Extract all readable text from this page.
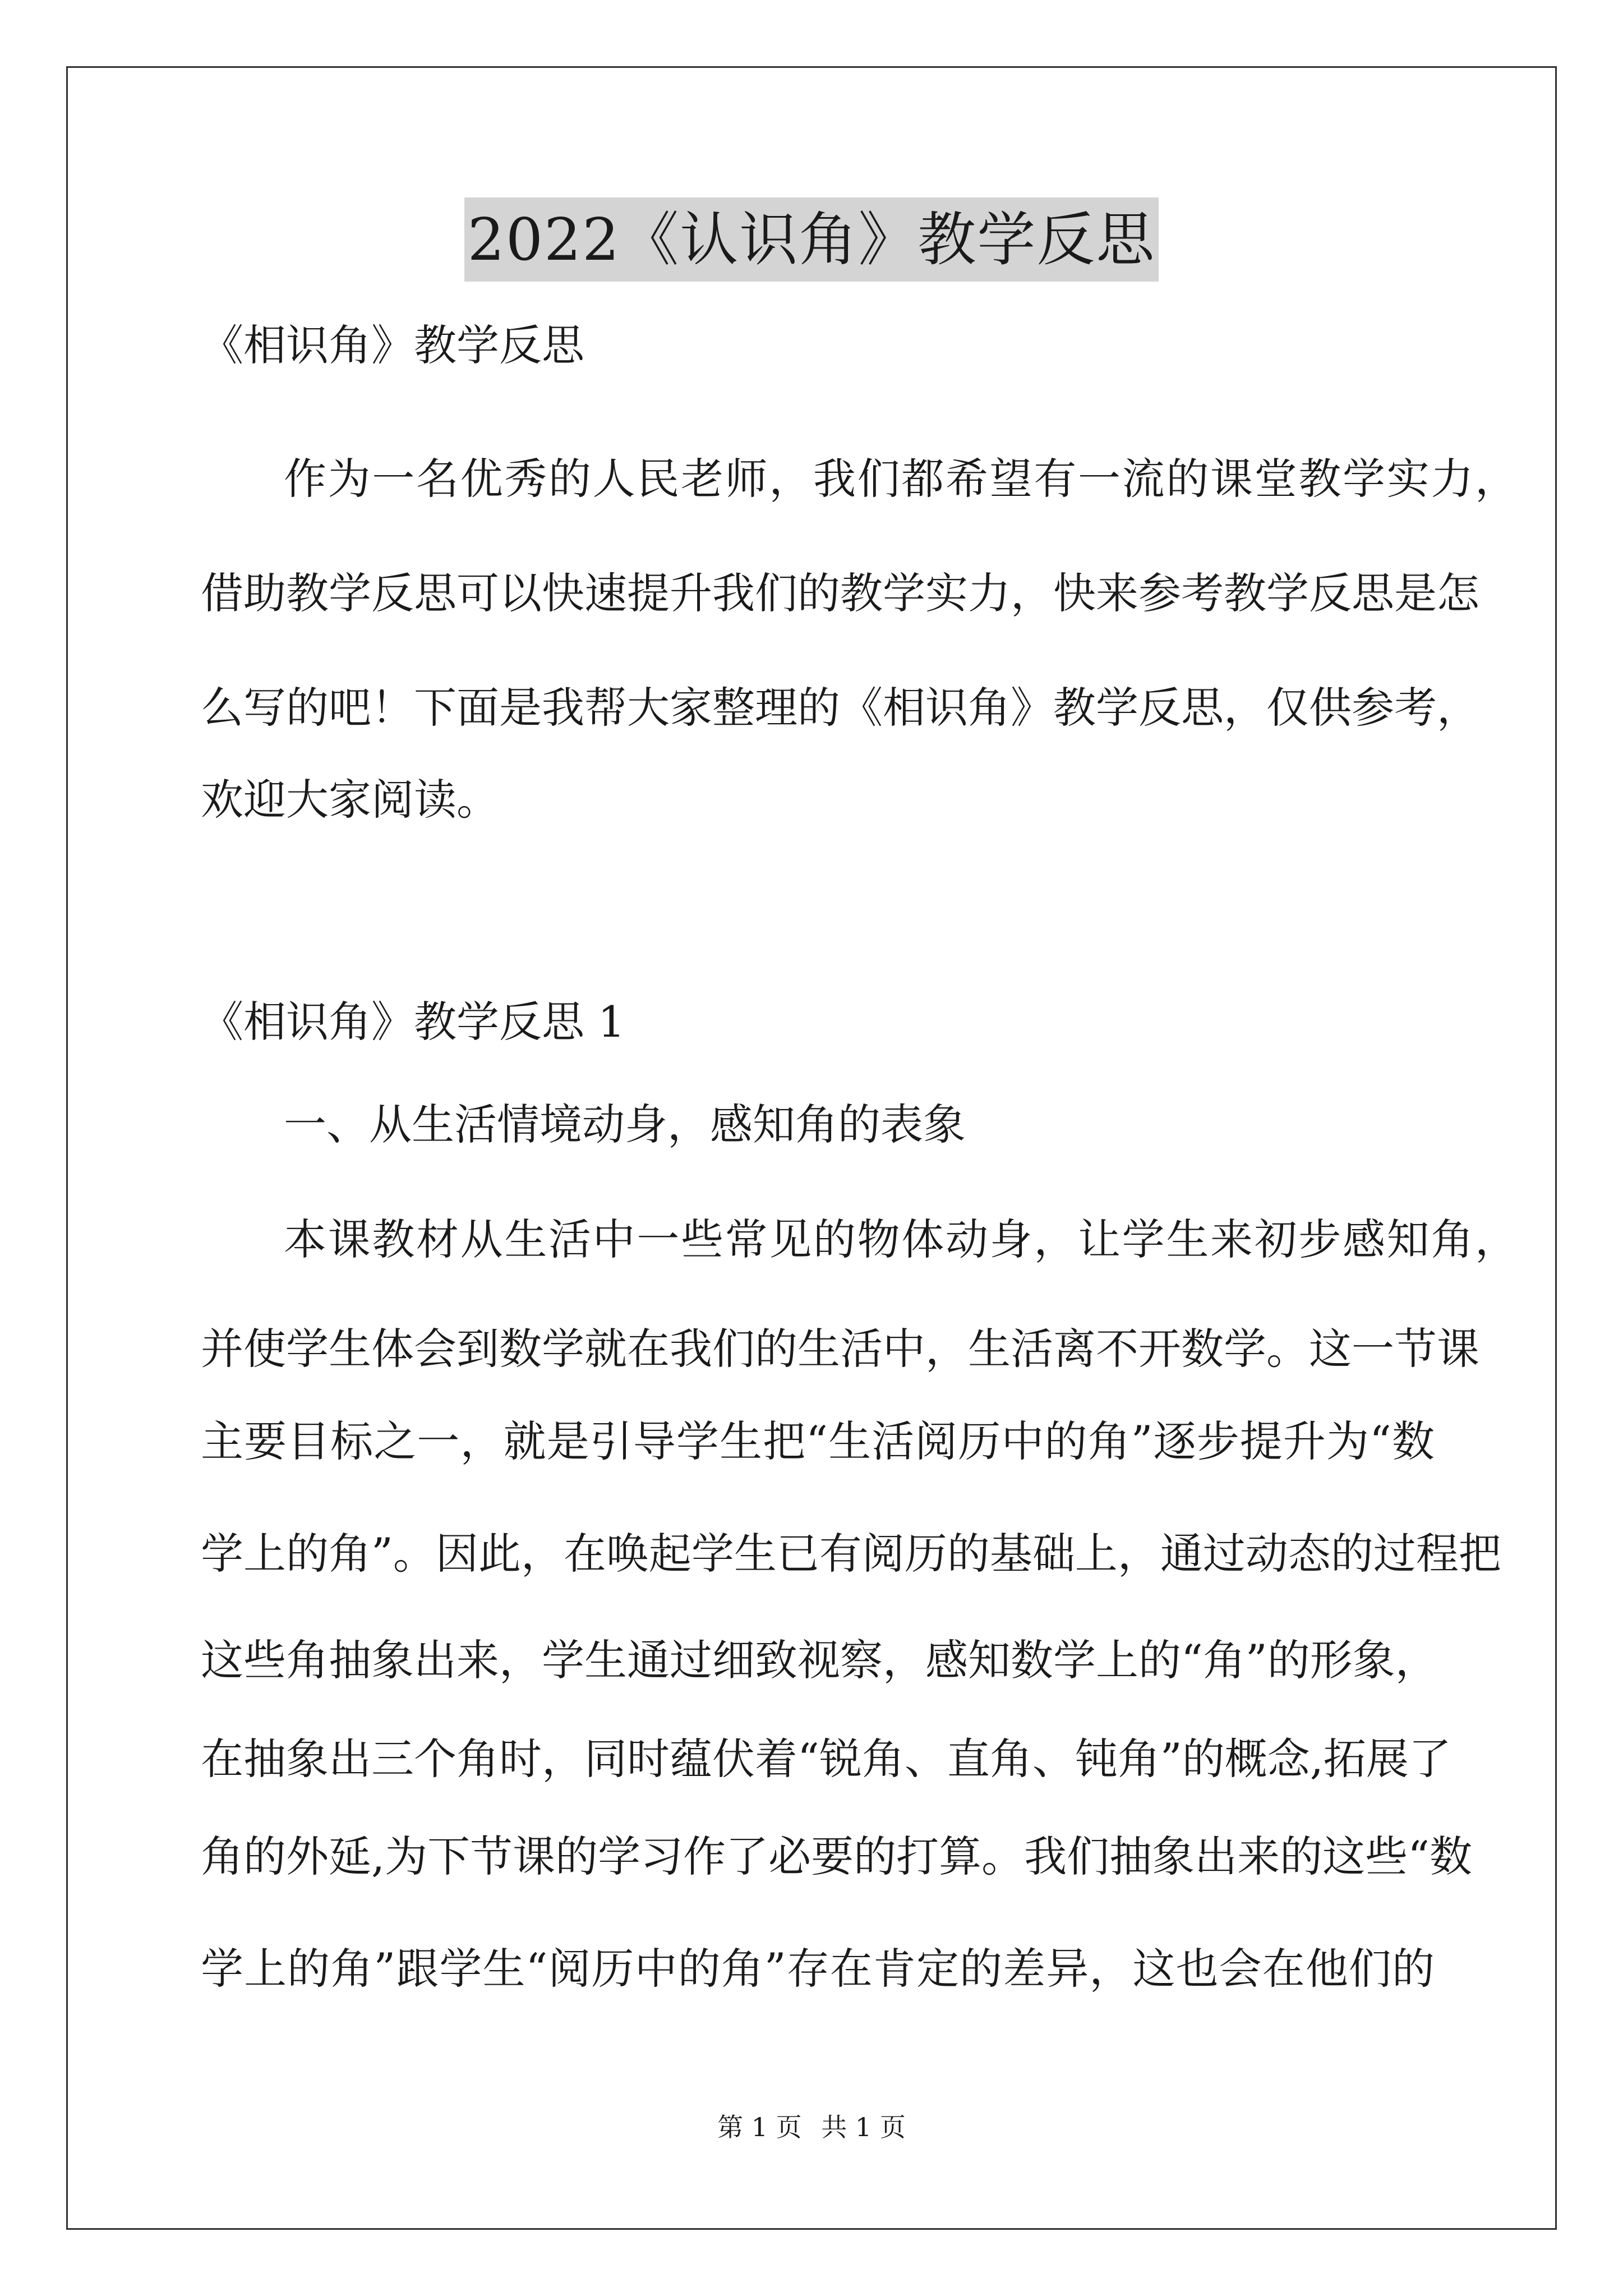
2022《认识角》教学反思
《相识角》教学反思
作为一名优秀的人民老师，我们都希望有一流的课堂教学实力，
借助教学反思可以快速提升我们的教学实力，快来参考教学反思是怎
么写的吧！下面是我帮大家整理的《相识角》教学反思，仅供参考，
欢迎大家阅读。
《相识角》教学反思 1
一、从生活情境动身，感知角的表象
本课教材从生活中一些常见的物体动身，让学生来初步感知角，
并使学生体会到数学就在我们的生活中，生活离不开数学。这一节课
主要目标之一，就是引导学生把“生活阅历中的角”逐步提升为“数
学上的角”。因此，在唤起学生已有阅历的基础上，通过动态的过程把
这些角抽象出来，学生通过细致视察，感知数学上的“角”的形象，
在抽象出三个角时，同时蕴伏着“锐角、直角、钝角”的概念,拓展了
角的外延,为下节课的学习作了必要的打算。我们抽象出来的这些“数
学上的角”跟学生“阅历中的角”存在肯定的差异，这也会在他们的
第 1 页 共 1 页
